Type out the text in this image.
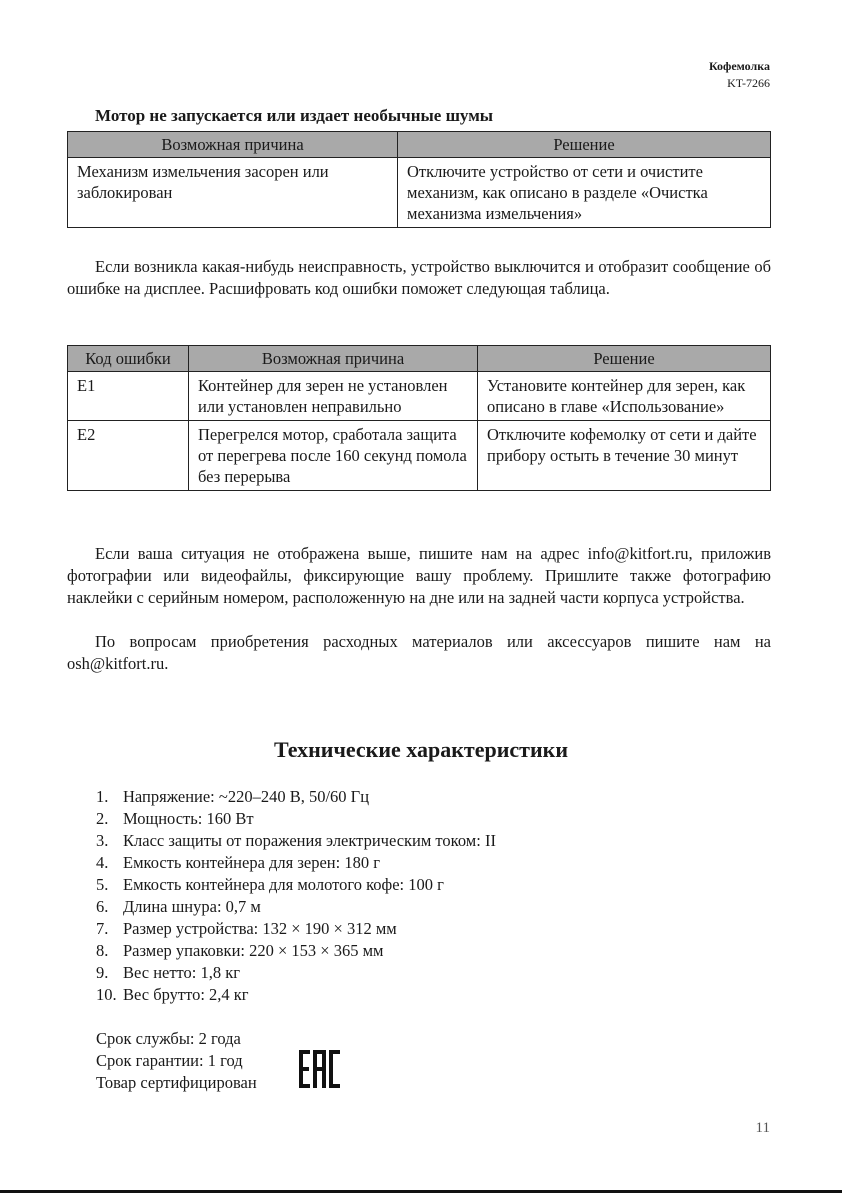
Кофемолка
KT-7266
Мотор не запускается или издает необычные шумы
Возможная причина	Решение
Механизм измельчения засорен или заблокирован	Отключите устройство от сети и очистите механизм, как описано в разделе «Очистка механизма измельчения»

Если возникла какая-нибудь неисправность, устройство выключится и отобразит сообщение об ошибке на дисплее. Расшифровать код ошибки поможет следующая таблица.

Код ошибки	Возможная причина	Решение
E1	Контейнер для зерен не установлен или установлен неправильно	Установите контейнер для зерен, как описано в главе «Использование»
E2	Перегрелся мотор, сработала защита от перегрева после 160 секунд помола без перерыва	Отключите кофемолку от сети и дайте прибору остыть в течение 30 минут

Если ваша ситуация не отображена выше, пишите нам на адрес info@kitfort.ru, приложив фотографии или видеофайлы, фиксирующие вашу проблему. Пришлите также фотографию наклейки с серийным номером, расположенную на дне или на задней части корпуса устройства.

По вопросам приобретения расходных материалов или аксессуаров пишите нам на osh@kitfort.ru.

Технические характеристики
1. Напряжение: ~220–240 В, 50/60 Гц
2. Мощность: 160 Вт
3. Класс защиты от поражения электрическим током: II
4. Емкость контейнера для зерен: 180 г
5. Емкость контейнера для молотого кофе: 100 г
6. Длина шнура: 0,7 м
7. Размер устройства: 132 × 190 × 312 мм
8. Размер упаковки: 220 × 153 × 365 мм
9. Вес нетто: 1,8 кг
10. Вес брутто: 2,4 кг
Срок службы: 2 года
Срок гарантии: 1 год
Товар сертифицирован
11
